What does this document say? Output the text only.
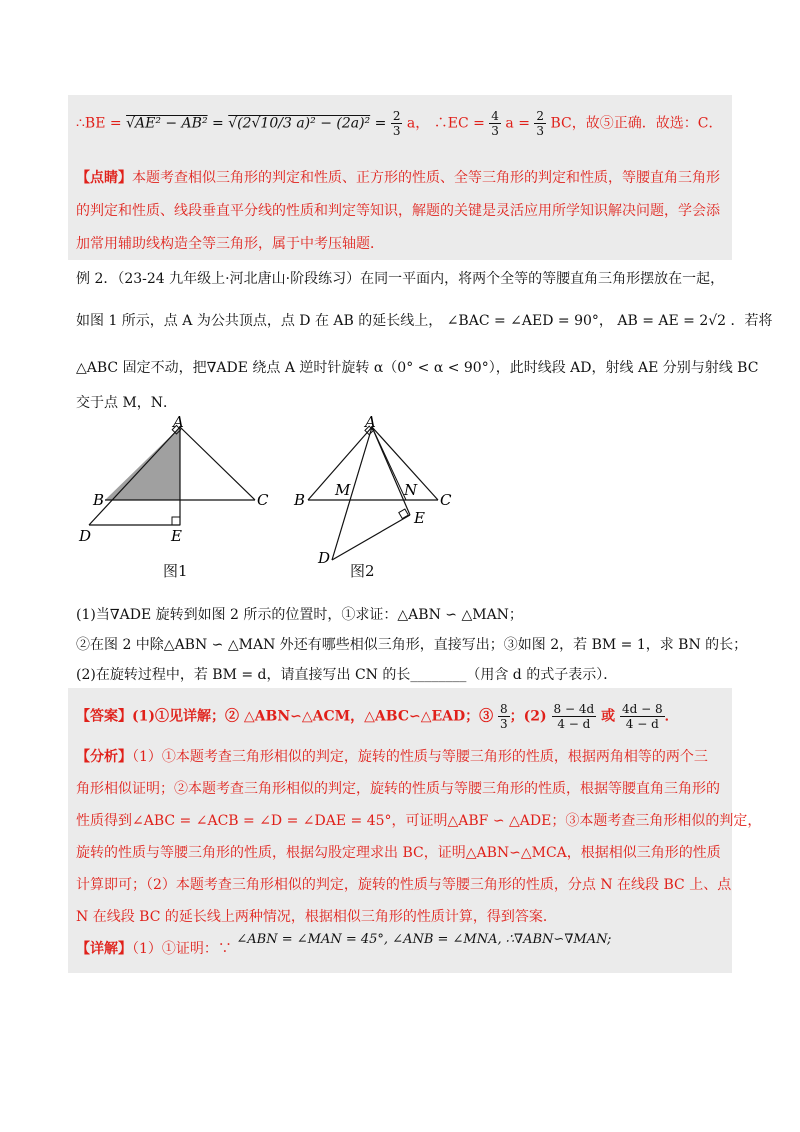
∴BE = √AE² − AB² = √(2√10/3 $a)^2 - (2a)^2 = \frac{2}{3}$ a， ∴EC = $\frac{4}{3}$ $a = \frac{2}{3}$ BC，故⑤正确．故选：C．
【点睛】本题考查相似三角形的判定和性质、正方形的性质、全等三角形的判定和性质，等腰直角三角形
的判定和性质、线段垂直平分线的性质和判定等知识，解题的关键是灵活应用所学知识解决问题，学会添
加常用辅助线构造全等三角形，属于中考压轴题．
例 2．（23-24 九年级上·河北唐山·阶段练习）在同一平面内，将两个全等的等腰直角三角形摆放在一起，
如图 1 所示，点 A 为公共顶点，点 D 在 AB 的延长线上， ∠BAC = ∠AED = 90°， AB = AE = 2√2 ．若将
△ABC 固定不动，把∇ADE 绕点 A 逆时针旋转 α（0° < α < 90°），此时线段 AD，射线 AE 分别与射线 BC
交于点 M，N．
A
B	C
D	E
图1
A
B	C
M	N
E
D
图2
(1)当∇ADE 旋转到如图 2 所示的位置时，①求证：△ABN ∽ △MAN；
②在图 2 中除△ABN ∽ △MAN 外还有哪些相似三角形，直接写出；③如图 2，若 BM = 1，求 BN 的长；
(2)在旋转过程中，若 BM = d，请直接写出 CN 的长________（用含 d 的式子表示）．
【答案】(1)①见详解；② △ABN∽△ACM，△ABC∽△EAD；③ $\frac{8}{3}$ ；$(2) \frac{8 - 4d}{4 - d}$ 或 $\frac{4d - 8}{4 - d}$ ．
【分析】（1）①本题考查三角形相似的判定，旋转的性质与等腰三角形的性质，根据两角相等的两个三
角形相似证明；②本题考查三角形相似的判定，旋转的性质与等腰三角形的性质，根据等腰直角三角形的
性质得到∠ABC = ∠ACB = ∠D = ∠DAE = 45°，可证明△ABF ∽ △ADE；③本题考查三角形相似的判定，
旋转的性质与等腰三角形的性质，根据勾股定理求出 BC，证明△ABN∽△MCA，根据相似三角形的性质
计算即可；（2）本题考查三角形相似的判定，旋转的性质与等腰三角形的性质，分点 N 在线段 BC 上、点
N 在线段 BC 的延长线上两种情况，根据相似三角形的性质计算，得到答案．
【详解】（1）①证明：∵ ∠ABN = ∠MAN = 45°, ∠ANB = ∠MNA, ∴∇ABN∽∇MAN;
